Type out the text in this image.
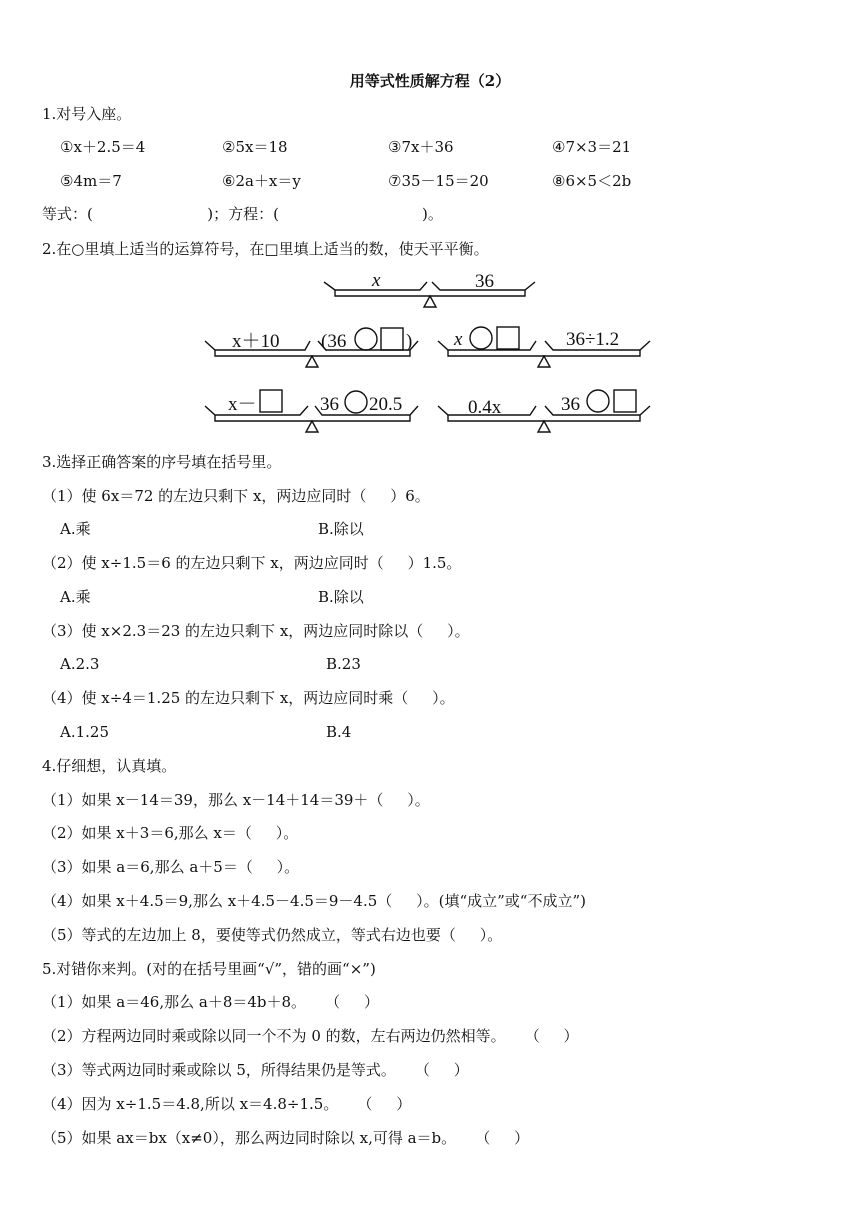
用等式性质解方程（2）
1.对号入座。
①x＋2.5＝4	②5x＝18	③7x＋36	④7×3＝21
⑤4m＝7	⑥2a＋x＝y	⑦35－15＝20	⑧6×5＜2b
等式：(                        )；方程：(                              )。
2.在○里填上适当的运算符号，在□里填上适当的数，使天平平衡。
x	36
x＋10 (36	) x	36÷1.2
x－	36 20.5	0.4x	36
3.选择正确答案的序号填在括号里。
（1）使 6x＝72 的左边只剩下 x，两边应同时（     ）6。
A.乘	B.除以
（2）使 x÷1.5＝6 的左边只剩下 x，两边应同时（     ）1.5。
A.乘	B.除以
（3）使 x×2.3＝23 的左边只剩下 x，两边应同时除以（     ）。
A.2.3	B.23
（4）使 x÷4＝1.25 的左边只剩下 x，两边应同时乘（     ）。
A.1.25	B.4
4.仔细想，认真填。
（1）如果 x－14＝39，那么 x－14＋14＝39＋（     ）。
（2）如果 x＋3＝6,那么 x＝（     ）。
（3）如果 a＝6,那么 a＋5＝（     ）。
（4）如果 x＋4.5＝9,那么 x＋4.5－4.5＝9－4.5（     ）。(填“成立”或“不成立”)
（5）等式的左边加上 8，要使等式仍然成立，等式右边也要（     ）。
5.对错你来判。(对的在括号里画“√”，错的画“×”)
（1）如果 a＝46,那么 a＋8＝4b＋8。    （     ）
（2）方程两边同时乘或除以同一个不为 0 的数，左右两边仍然相等。    （     ）
（3）等式两边同时乘或除以 5，所得结果仍是等式。    （     ）
（4）因为 x÷1.5＝4.8,所以 x＝4.8÷1.5。    （     ）
（5）如果 ax＝bx（x≠0），那么两边同时除以 x,可得 a＝b。    （     ）
